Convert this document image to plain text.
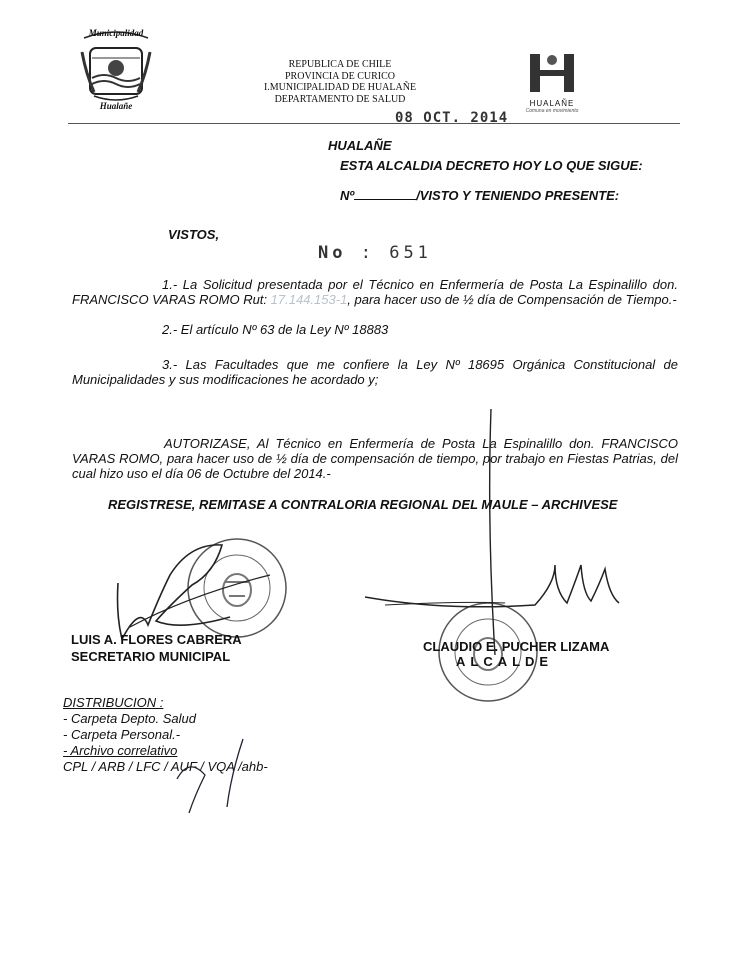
Municipalidad
Hualañe
REPUBLICA DE CHILE
PROVINCIA DE CURICO
I.MUNICIPALIDAD DE HUALAÑE
DEPARTAMENTO DE SALUD	HUALAÑE
Comuna en movimiento
08 OCT. 2014
HUALAÑE
ESTA ALCALDIA DECRETO HOY LO QUE SIGUE:
Nº	/VISTO Y TENIENDO PRESENTE:
VISTOS,
No : 651
1.- La Solicitud presentada por el Técnico en Enfermería de Posta La Espinalillo don. FRANCISCO VARAS ROMO Rut: 17.144.153-1, para hacer uso de ½ día de Compensación de Tiempo.-
2.- El artículo Nº 63 de la Ley Nº 18883
3.- Las Facultades que me confiere la Ley Nº 18695 Orgánica Constitucional de Municipalidades y sus modificaciones he acordado y;
AUTORIZASE, Al Técnico en Enfermería de Posta La Espinalillo don. FRANCISCO VARAS ROMO, para hacer uso de ½ día de compensación de tiempo, por trabajo en Fiestas Patrias, del cual hizo uso el día 06 de Octubre del 2014.-
REGISTRESE, REMITASE A CONTRALORIA REGIONAL DEL MAULE – ARCHIVESE
LUIS A. FLORES CABRERA
SECRETARIO MUNICIPAL
CLAUDIO E. PUCHER LIZAMA
ALCALDE
DISTRIBUCION :
- Carpeta Depto. Salud
- Carpeta Personal.-
- Archivo correlativo
CPL / ARB / LFC / AUF / VQA /ahb-
